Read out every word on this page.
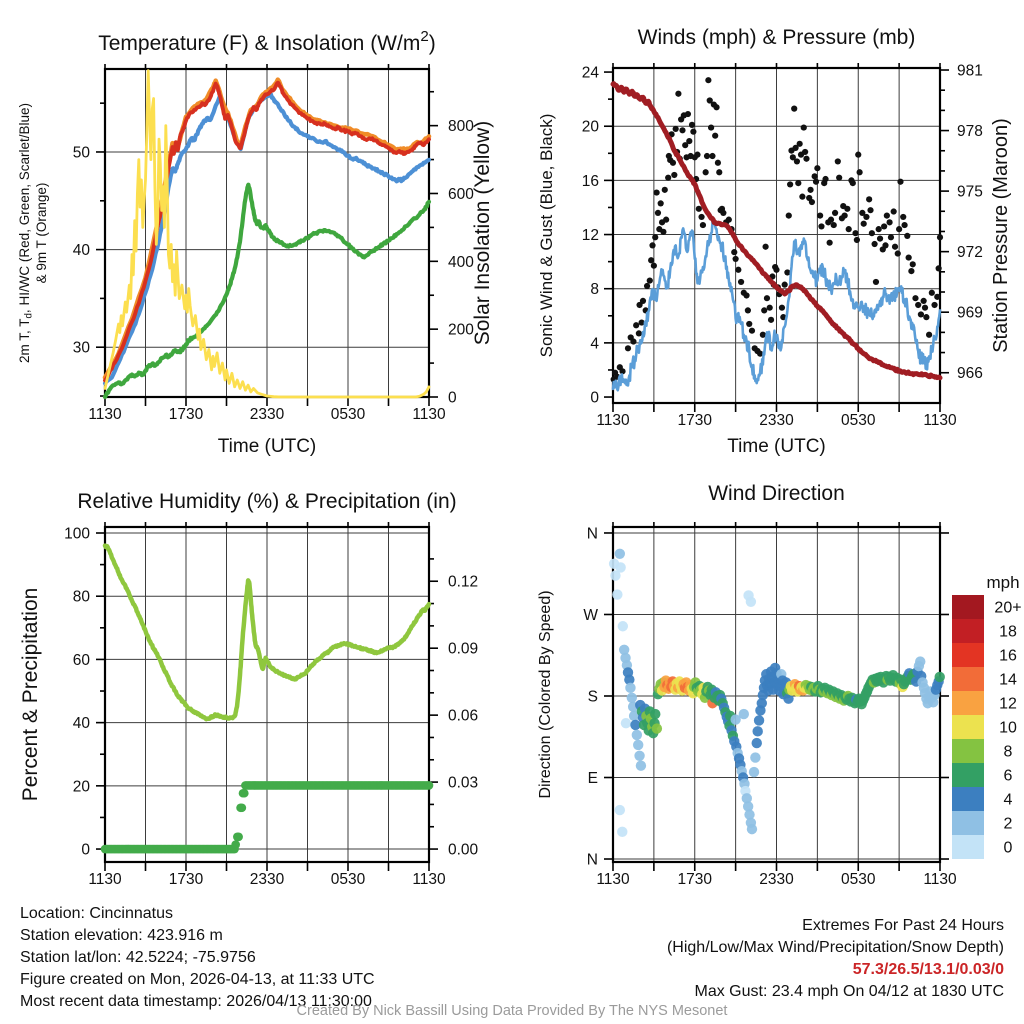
1130	1730	2330	0530	1130
30
40
50
0
200
400
600
800
Temperature (F) & Insolation $(W/m^2)$
Time (UTC)
2m T, $T_d$, HI/WC (Red, Green, Scarlet/Blue) & 9m T (Orange)	Solar Insolation (Yellow)
1130	1730	2330	0530	1130
0
4
8
12
16
20
24
966
969
972
975
978
981
Winds (mph) & Pressure (mb)
Time (UTC)
Sonic Wind & Gust (Blue, Black)	Station Pressure (Maroon)
1130	1730	2330	0530	1130
0
20
40
60
80
100
0.00
0.03
0.06
0.09
0.12
Relative Humidity (%) & Precipitation (in)
Percent & Precipitation
1130	1730	2330	0530	1130
N
W
S
E
N
Wind Direction
Direction (Colored By Speed)
mph
20+
18
16
14
12
10
8
6
4
2
0
Location: Cincinnatus
Station elevation: 423.916 m
Station lat/lon: 42.5224; -75.9756
Figure created on Mon, 2026-04-13, at 11:33 UTC
Most recent data timestamp: 2026/04/13 11:30:00
Extremes For Past 24 Hours
(High/Low/Max Wind/Precipitation/Snow Depth)
57.3/26.5/13.1/0.03/0
Max Gust: 23.4 mph On 04/12 at 1830 UTC
Created By Nick Bassill Using Data Provided By The NYS Mesonet
